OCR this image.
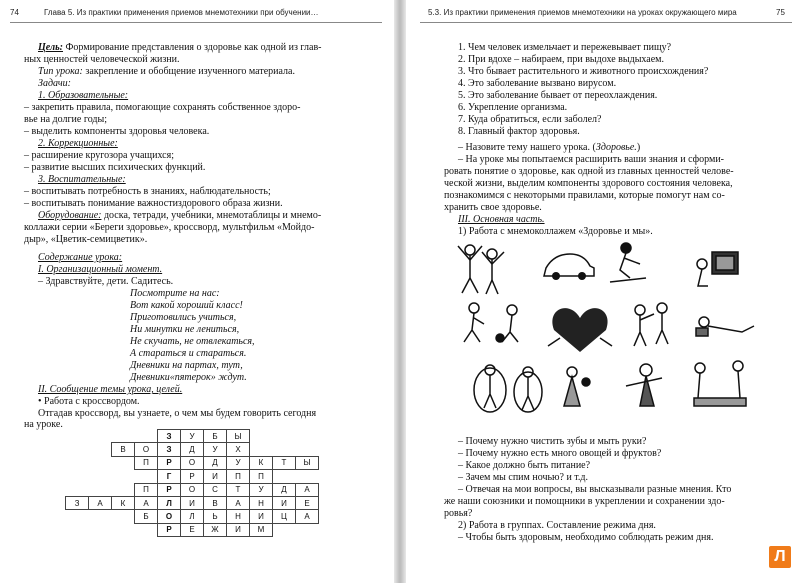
74	Глава 5. Из практики применения приемов мнемотехники при обучении…
Цель: Формирование представления о здоровье как одной из глав-
ных ценностей человеческой жизни.
Тип урока: закрепление и обобщение изученного материала.
Задачи:
1. Образовательные:
– закрепить правила, помогающие сохранять собственное здоро-
вье на долгие годы;
– выделить компоненты здоровья человека.
2. Коррекционные:
– расширение кругозора учащихся;
– развитие высших психических функций.
3. Воспитательные:
– воспитывать потребность в знаниях, наблюдательность;
– воспитывать понимание важностиздорового образа жизни.
Оборудование: доска, тетради, учебники, мнемотаблицы и мнемо-
коллажи серии «Береги здоровье», кроссворд, мультфильм «Мойдо-
дыр», «Цветик-семицветик».
Содержание урока:
I. Организационный момент.
– Здравствуйте, дети. Садитесь.
Посмотрите на нас:
Вот какой хороший класс!
Приготовились учиться,
Ни минутки не лениться,
Не скучать, не отвлекаться,
А стараться и стараться.
Дневники на партах, тут,
Дневники«пятерок» ждут.
II. Сообщение темы урока, целей.
• Работа с кроссвордом.
Отгадав кроссворд, вы узнаете, о чем мы будем говорить сегодня
на уроке.
				З	У	Б	Ы			
		В	О	З	Д	У	Х			
			П	Р	О	Д	У	К	Т	Ы
				Г	Р	И	П	П		
			П	Р	О	С	Т	У	Д	А
З	А	К	А	Л	И	В	А	Н	И	Е
			Б	О	Л	Ь	Н	И	Ц	А
				Р	Е	Ж	И	М		
5.3. Из практики применения приемов мнемотехники на уроках окружающего мира	75
1. Чем человек измельчает и пережевывает пищу?
2. При вдохе – набираем, при выдохе выдыхаем.
3. Что бывает растительного и животного происхождения?
4. Это заболевание вызвано вирусом.
5. Это заболевание бывает от переохлаждения.
6. Укрепление организма.
7. Куда обратиться, если заболел?
8. Главный фактор здоровья.
– Назовите тему нашего урока. (Здоровье.)
– На уроке мы попытаемся расширить ваши знания и сформи-
ровать понятие о здоровье, как одной из главных ценностей челове-
ческой жизни, выделим компоненты здорового состояния человека,
познакомимся с некоторыми правилами, которые помогут нам со-
хранить свое здоровье.
III. Основная часть.
1) Работа с мнемоколлажем «Здоровье и мы».
– Почему нужно чистить зубы и мыть руки?
– Почему нужно есть много овощей и фруктов?
– Какое должно быть питание?
– Зачем мы спим ночью? и т.д.
– Отвечая на мои вопросы, вы высказывали разные мнения. Кто
же наши союзники и помощники в укреплении и сохранении здо-
ровья?
2) Работа в группах. Составление режима дня.
– Чтобы быть здоровым, необходимо соблюдать режим дня.
Л
